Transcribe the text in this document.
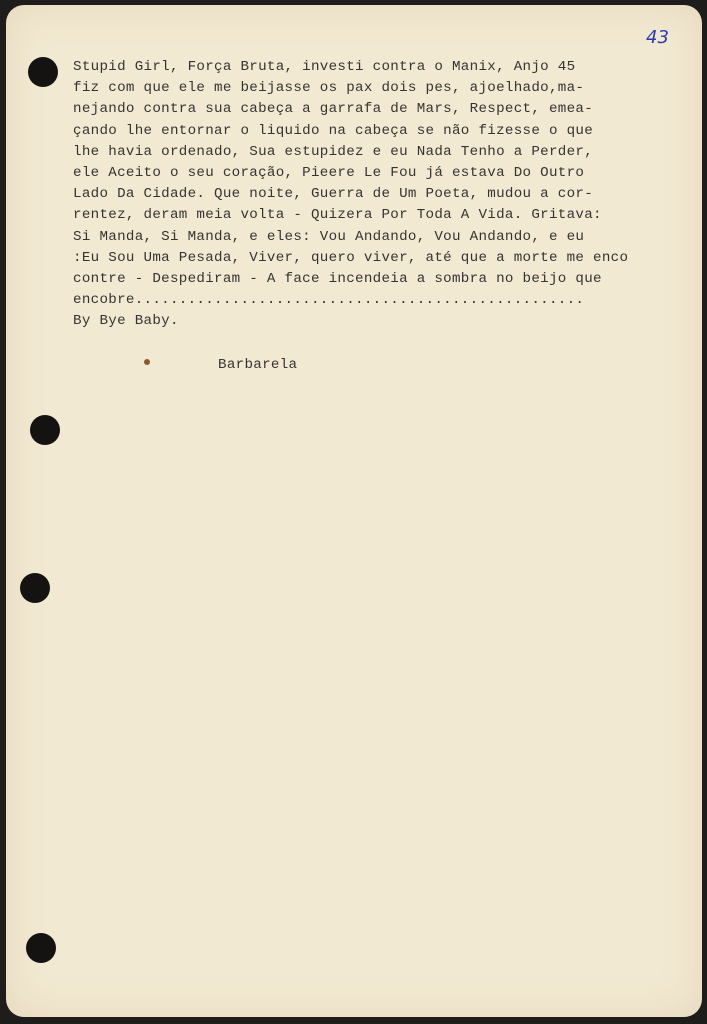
43
Stupid Girl, Força Bruta, investi contra o Manix, Anjo 45
fiz com que ele me beijasse os pax dois pes, ajoelhado,ma-
nejando contra sua cabeça a garrafa de Mars, Respect, emea-
çando lhe entornar o liquido na cabeça se não fizesse o que
lhe havia ordenado, Sua estupidez e eu Nada Tenho a Perder,
ele Aceito o seu coração, Pieere Le Fou já estava Do Outro
Lado Da Cidade. Que noite, Guerra de Um Poeta, mudou a cor-
rentez, deram meia volta - Quizera Por Toda A Vida. Gritava:
Si Manda, Si Manda, e eles: Vou Andando, Vou Andando, e eu
:Eu Sou Uma Pesada, Viver, quero viver, até que a morte me enco
contre - Despediram - A face incendeia a sombra no beijo que
encobre...................................................
By Bye Baby.
Barbarela
